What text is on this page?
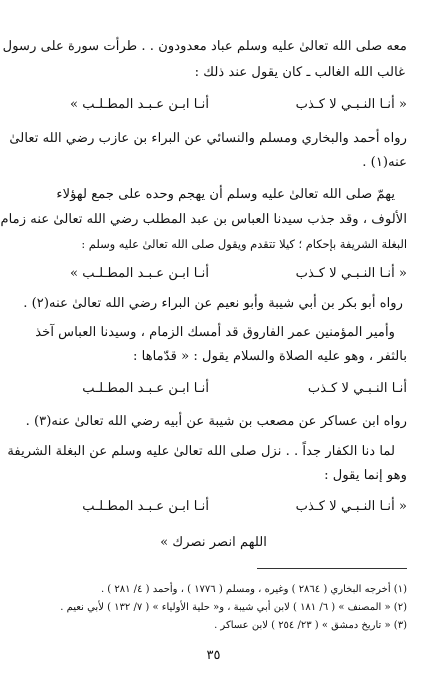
معه صلى الله تعالىٰ عليه وسلم عباد معدودون . . طرأت سورة على رسول
غالب الله الغالب ـ كان يقول عند ذلك :
« أنـا النـبـي لا كـذب
أنـا ابـن عـبـد المطـلـب »
رواه أحمد والبخاري ومسلم والنسائي عن البراء بن عازب رضي الله تعالىٰ
عنه(١) .
يهمّ صلى الله تعالىٰ عليه وسلم أن يهجم وحده على جمع لهؤلاء
الألوف ، وقد جذب سيدنا العباس بن عبد المطلب رضي الله تعالىٰ عنه زمام
البغلة الشريفة بإحكام ؛ كيلا تتقدم ويقول صلى الله تعالىٰ عليه وسلم :
« أنـا النـبـي لا كـذب
أنـا ابـن عـبـد المطـلـب »
رواه أبو بكر بن أبي شيبة وأبو نعيم عن البراء رضي الله تعالىٰ عنه(٢) .
وأمير المؤمنين عمر الفاروق قد أمسك الزمام ، وسيدنا العباس آخذ
بالثفر ، وهو عليه الصلاة والسلام يقول : « قدّماها :
أنـا النـبـي لا كـذب
أنـا ابـن عـبـد المطـلـب
رواه ابن عساكر عن مصعب بن شيبة عن أبيه رضي الله تعالىٰ عنه(٣) .
لما دنا الكفار جداً . . نزل صلى الله تعالىٰ عليه وسلم عن البغلة الشريفة
وهو إنما يقول :
« أنـا النـبـي لا كـذب
أنـا ابـن عـبـد المطـلـب
اللهم انصر نصرك »
(١) أخرجه البخاري ( ٢٨٦٤ ) وغيره ، ومسلم ( ١٧٧٦ ) ، وأحمد ( ٤/ ٢٨١ ) .
(٢) « المصنف » ( ٦/ ١٨١ ) لابن أبي شيبة ، و« حلية الأولياء » ( ٧/ ١٣٢ ) لأبي نعيم .
(٣) « تاريخ دمشق » ( ٢٣/ ٢٥٤ ) لابن عساكر .
٣٥
